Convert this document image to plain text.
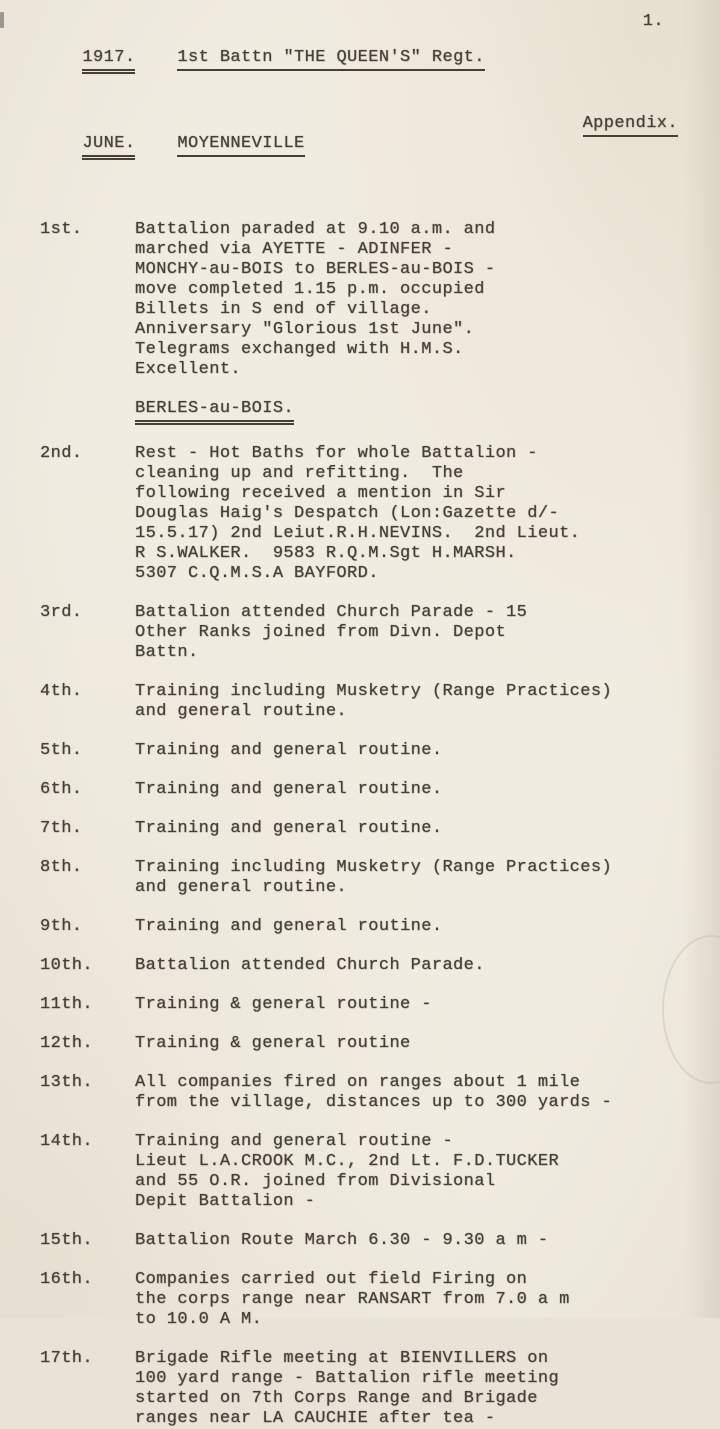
1.

1917. 1st Battn "THE QUEEN'S" Regt.

JUNE. MOYENNEVILLE

Appendix.

1st.	Battalion paraded at 9.10 a.m. and
marched via AYETTE - ADINFER -
MONCHY-au-BOIS to BERLES-au-BOIS -
move completed 1.15 p.m. occupied
Billets in S end of village.
Anniversary "Glorious 1st June".
Telegrams exchanged with H.M.S.
Excellent.
BERLES-au-BOIS.
2nd.	Rest - Hot Baths for whole Battalion -
cleaning up and refitting.  The
following received a mention in Sir
Douglas Haig's Despatch (Lon:Gazette d/-
15.5.17) 2nd Leiut.R.H.NEVINS.  2nd Lieut.
R S.WALKER.  9583 R.Q.M.Sgt H.MARSH.
5307 C.Q.M.S.A BAYFORD.
3rd.	Battalion attended Church Parade - 15
Other Ranks joined from Divn. Depot
Battn.
4th.	Training including Musketry (Range Practices)
and general routine.
5th.	Training and general routine.
6th.	Training and general routine.
7th.	Training and general routine.
8th.	Training including Musketry (Range Practices)
and general routine.
9th.	Training and general routine.
10th.	Battalion attended Church Parade.
11th.	Training & general routine -
12th.	Training & general routine
13th.	All companies fired on ranges about 1 mile
from the village, distances up to 300 yards -
14th.	Training and general routine -
Lieut L.A.CROOK M.C., 2nd Lt. F.D.TUCKER
and 55 O.R. joined from Divisional
Depit Battalion -
15th.	Battalion Route March 6.30 - 9.30 a m -
16th.	Companies carried out field Firing on
the corps range near RANSART from 7.0 a m
to 10.0 A M.
17th.	Brigade Rifle meeting at BIENVILLERS on
100 yard range - Battalion rifle meeting
started on 7th Corps Range and Brigade
ranges near LA CAUCHIE after tea -
